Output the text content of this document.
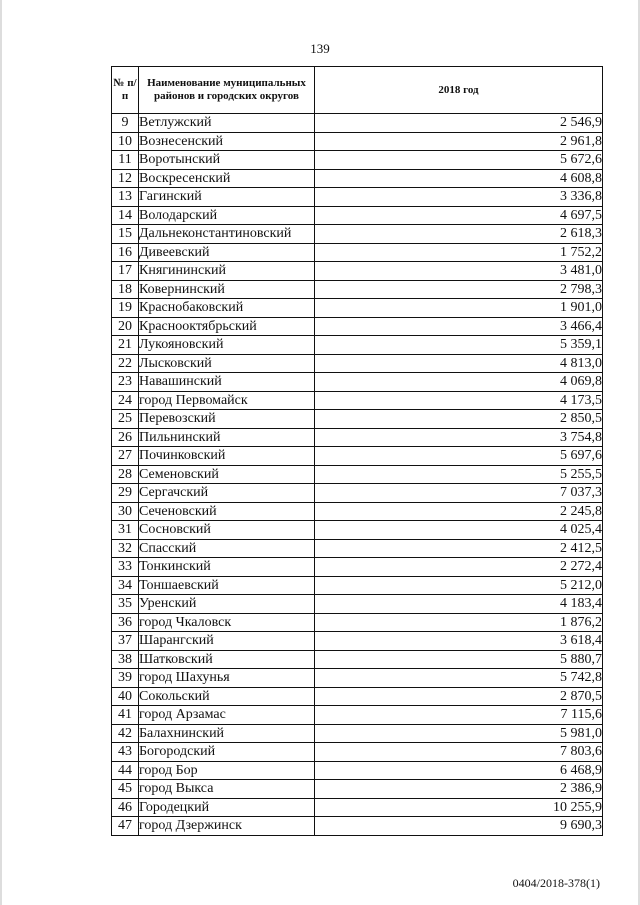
139
№ п/п	Наименование муниципальных районов и городских округов	2018 год
9	Ветлужский	2 546,9
10	Вознесенский	2 961,8
11	Воротынский	5 672,6
12	Воскресенский	4 608,8
13	Гагинский	3 336,8
14	Володарский	4 697,5
15	Дальнеконстантиновский	2 618,3
16	Дивеевский	1 752,2
17	Княгининский	3 481,0
18	Ковернинский	2 798,3
19	Краснобаковский	1 901,0
20	Краснооктябрьский	3 466,4
21	Лукояновский	5 359,1
22	Лысковский	4 813,0
23	Навашинский	4 069,8
24	город Первомайск	4 173,5
25	Перевозский	2 850,5
26	Пильнинский	3 754,8
27	Починковский	5 697,6
28	Семеновский	5 255,5
29	Сергачский	7 037,3
30	Сеченовский	2 245,8
31	Сосновский	4 025,4
32	Спасский	2 412,5
33	Тонкинский	2 272,4
34	Тоншаевский	5 212,0
35	Уренский	4 183,4
36	город Чкаловск	1 876,2
37	Шарангский	3 618,4
38	Шатковский	5 880,7
39	город Шахунья	5 742,8
40	Сокольский	2 870,5
41	город Арзамас	7 115,6
42	Балахнинский	5 981,0
43	Богородский	7 803,6
44	город Бор	6 468,9
45	город Выкса	2 386,9
46	Городецкий	10 255,9
47	город Дзержинск	9 690,3
0404/2018-378(1)
